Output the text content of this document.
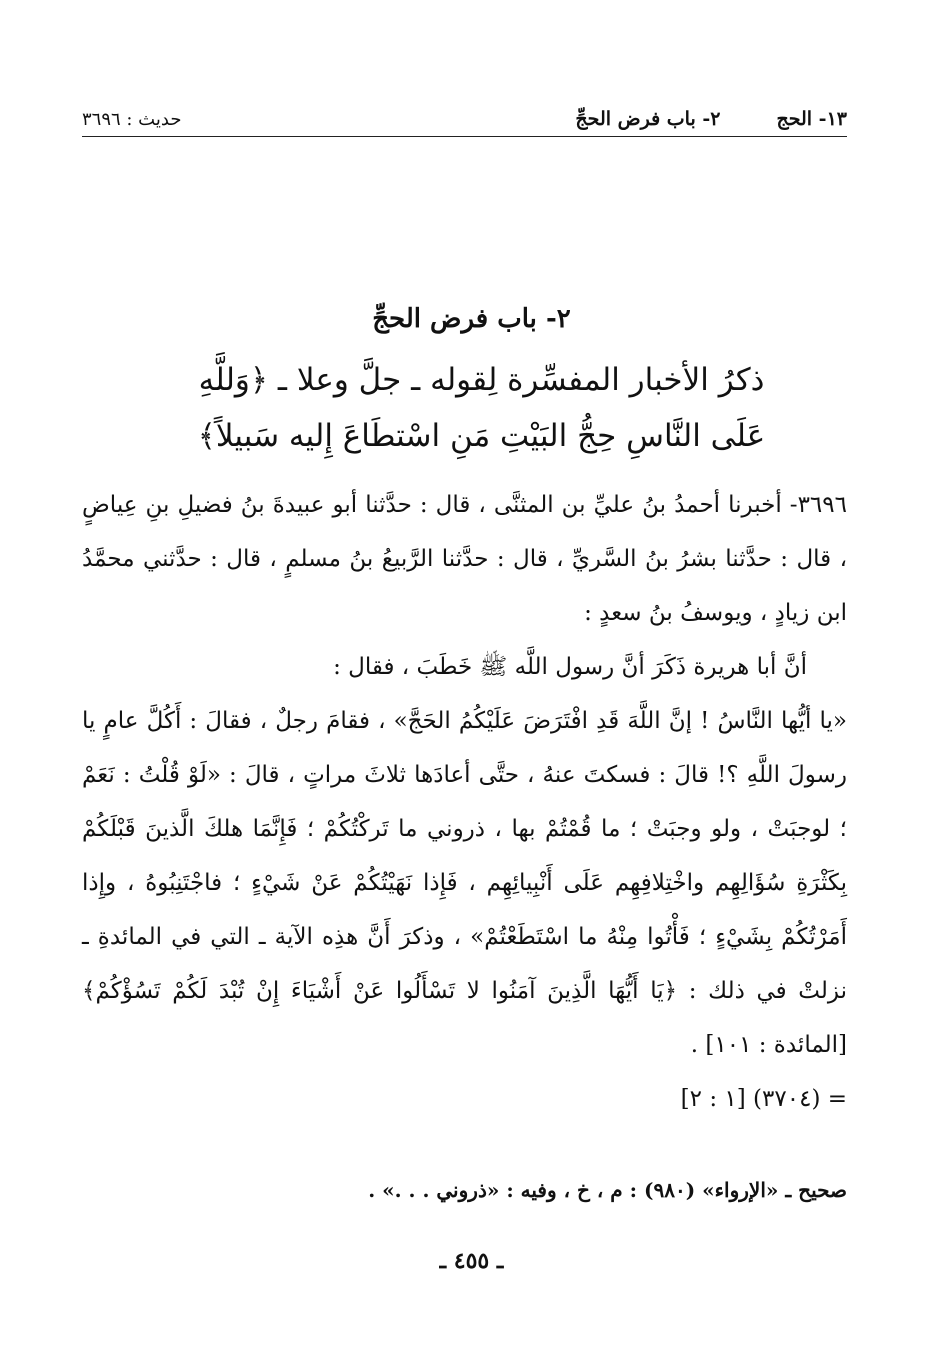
١٣- الحج
٢- باب فرض الحجِّ
حديث : ٣٦٩٦
٢- باب فرض الحجِّ
ذكرُ الأخبار المفسِّرة لِقوله ـ جلَّ وعلا ـ ﴿وَللَّهِ عَلَى النَّاسِ حِجُّ البَيْتِ مَنِ اسْتطَاعَ إِليه سَبيلاً﴾

٣٦٩٦- أخبرنا أحمدُ بنُ عليِّ بن المثنَّى ، قال : حدَّثنا أبو عبيدةَ بنُ فضيلِ بنِ عِياضٍ ، قال : حدَّثنا بشرُ بنُ السَّريِّ ، قال : حدَّثنا الرَّبيعُ بنُ مسلمٍ ، قال : حدَّثني محمَّدُ ابن زيادٍ ، ويوسفُ بنُ سعدٍ :

أنَّ أبا هريرة ذَكَرَ أنَّ رسول اللَّه ﷺ خَطَبَ ، فقال :

«يا أيُّها النَّاسُ ! إنَّ اللَّهَ قَدِ افْتَرَضَ عَلَيْكُمُ الحَجَّ» ، فقامَ رجلٌ ، فقالَ : أَكُلَّ عامٍ يا رسولَ اللَّهِ ؟! قالَ : فسكتَ عنهُ ، حتَّى أعادَها ثلاثَ مراتٍ ، قالَ : «لَوْ قُلْتُ : نَعَمْ ؛ لوجبَتْ ، ولو وجبَتْ ؛ ما قُمْتُمْ بها ، ذروني ما تَركْتُكُمْ ؛ فَإِنَّمَا هلكَ الَّذينَ قَبْلَكُمْ بِكَثْرَةِ سُؤَالِهِم واخْتِلافِهِم عَلَى أَنْبِيائِهِم ، فَإِذا نَهَيْتُكُمْ عَنْ شَيْءٍ ؛ فاجْتَنِبُوهُ ، وإِذا أَمَرْتُكُمْ بِشَيْءٍ ؛ فَأْتُوا مِنْهُ ما اسْتَطَعْتُمْ» ، وذكرَ أَنَّ هذِه الآية ـ التي في المائدةِ ـ نزلتْ في ذلك : ﴿يَا أَيُّهَا الَّذِينَ آمَنُوا لا تَسْأَلُوا عَنْ أَشْيَاءَ إِنْ تُبْدَ لَكُمْ تَسُؤْكُمْ﴾ [المائدة : ١٠١] .

= (٣٧٠٤) [١ : ٢]

صحيح ـ «الإرواء» (٩٨٠) : م ، خ ، وفيه : «ذروني . . .» .
ـ ٤٥٥ ـ
